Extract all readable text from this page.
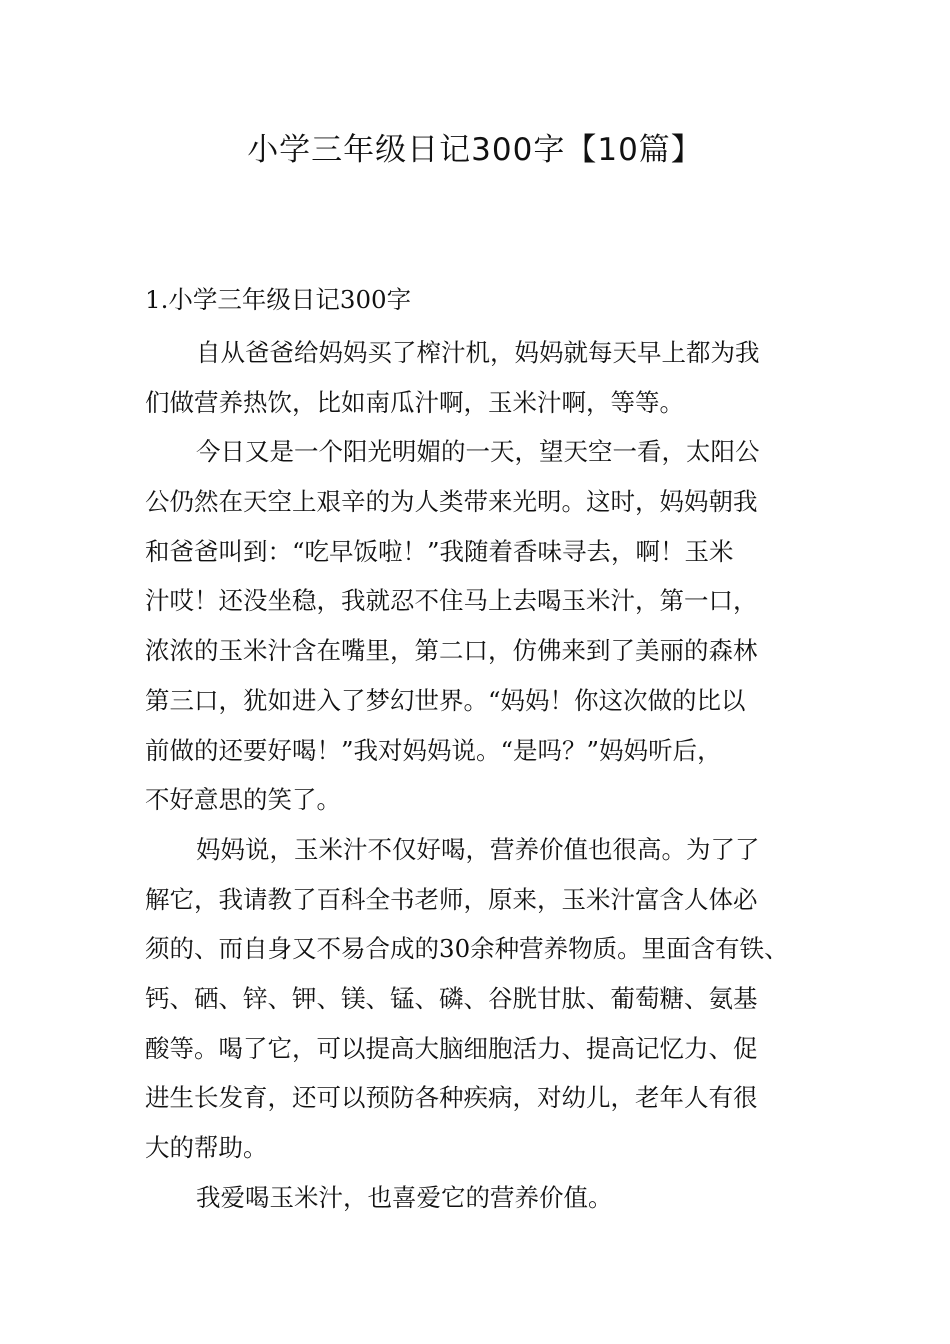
小学三年级日记300字【10篇】
1.小学三年级日记300字
自从爸爸给妈妈买了榨汁机，妈妈就每天早上都为我
们做营养热饮，比如南瓜汁啊，玉米汁啊，等等。
今日又是一个阳光明媚的一天，望天空一看，太阳公
公仍然在天空上艰辛的为人类带来光明。这时，妈妈朝我
和爸爸叫到：“吃早饭啦！”我随着香味寻去，啊！玉米
汁哎！还没坐稳，我就忍不住马上去喝玉米汁，第一口，
浓浓的玉米汁含在嘴里，第二口，仿佛来到了美丽的森林
第三口，犹如进入了梦幻世界。“妈妈！你这次做的比以
前做的还要好喝！”我对妈妈说。“是吗？”妈妈听后，
不好意思的笑了。
妈妈说，玉米汁不仅好喝，营养价值也很高。为了了
解它，我请教了百科全书老师，原来，玉米汁富含人体必
须的、而自身又不易合成的30余种营养物质。里面含有铁、
钙、硒、锌、钾、镁、锰、磷、谷胱甘肽、葡萄糖、氨基
酸等。喝了它，可以提高大脑细胞活力、提高记忆力、促
进生长发育，还可以预防各种疾病，对幼儿，老年人有很
大的帮助。
我爱喝玉米汁，也喜爱它的营养价值。
